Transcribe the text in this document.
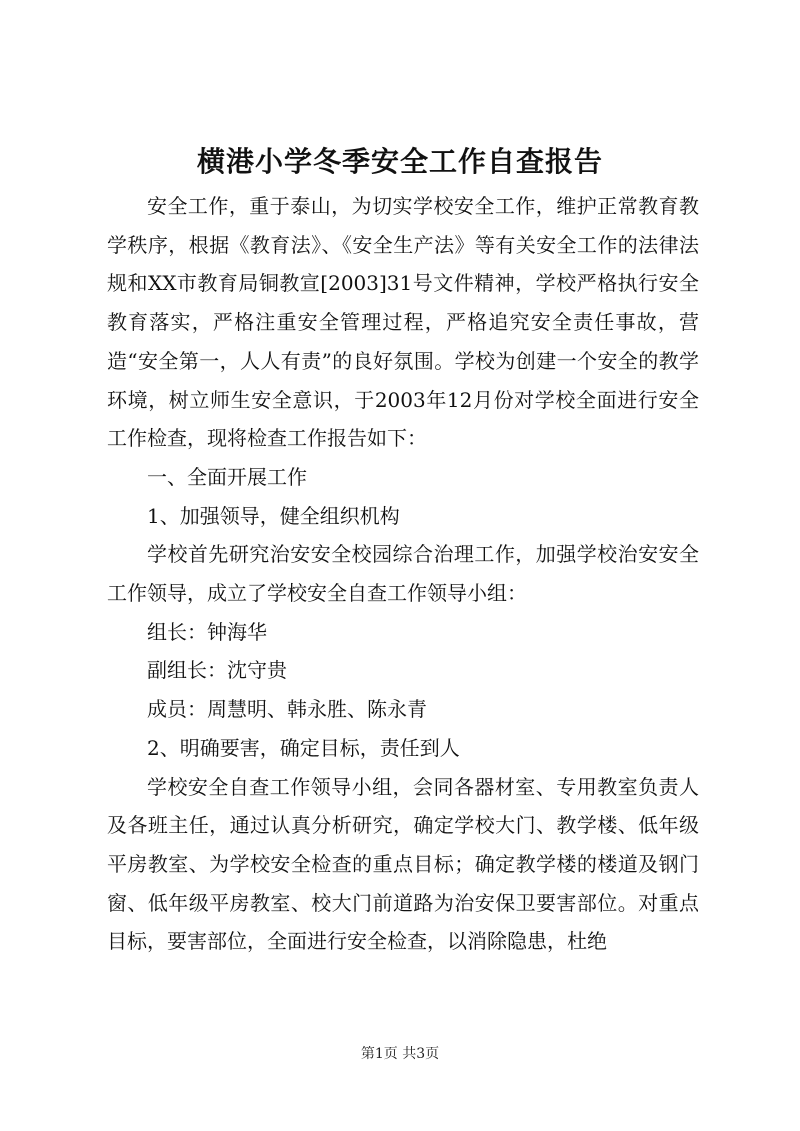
横港小学冬季安全工作自查报告

安全工作，重于泰山，为切实学校安全工作，维护正常教育教学秩序，根据《教育法》、《安全生产法》等有关安全工作的法律法规和XX市教育局铜教宣[2003]31号文件精神，学校严格执行安全教育落实，严格注重安全管理过程，严格追究安全责任事故，营造“安全第一，人人有责”的良好氛围。学校为创建一个安全的教学环境，树立师生安全意识，于2003年12月份对学校全面进行安全工作检查，现将检查工作报告如下：

一、全面开展工作

1、加强领导，健全组织机构

学校首先研究治安安全校园综合治理工作，加强学校治安安全工作领导，成立了学校安全自查工作领导小组：

组长：钟海华

副组长：沈守贵

成员：周慧明、韩永胜、陈永青

2、明确要害，确定目标，责任到人

学校安全自查工作领导小组，会同各器材室、专用教室负责人及各班主任，通过认真分析研究，确定学校大门、教学楼、低年级平房教室、为学校安全检查的重点目标；确定教学楼的楼道及钢门窗、低年级平房教室、校大门前道路为治安保卫要害部位。对重点目标，要害部位，全面进行安全检查，以消除隐患，杜绝

第1页 共3页
